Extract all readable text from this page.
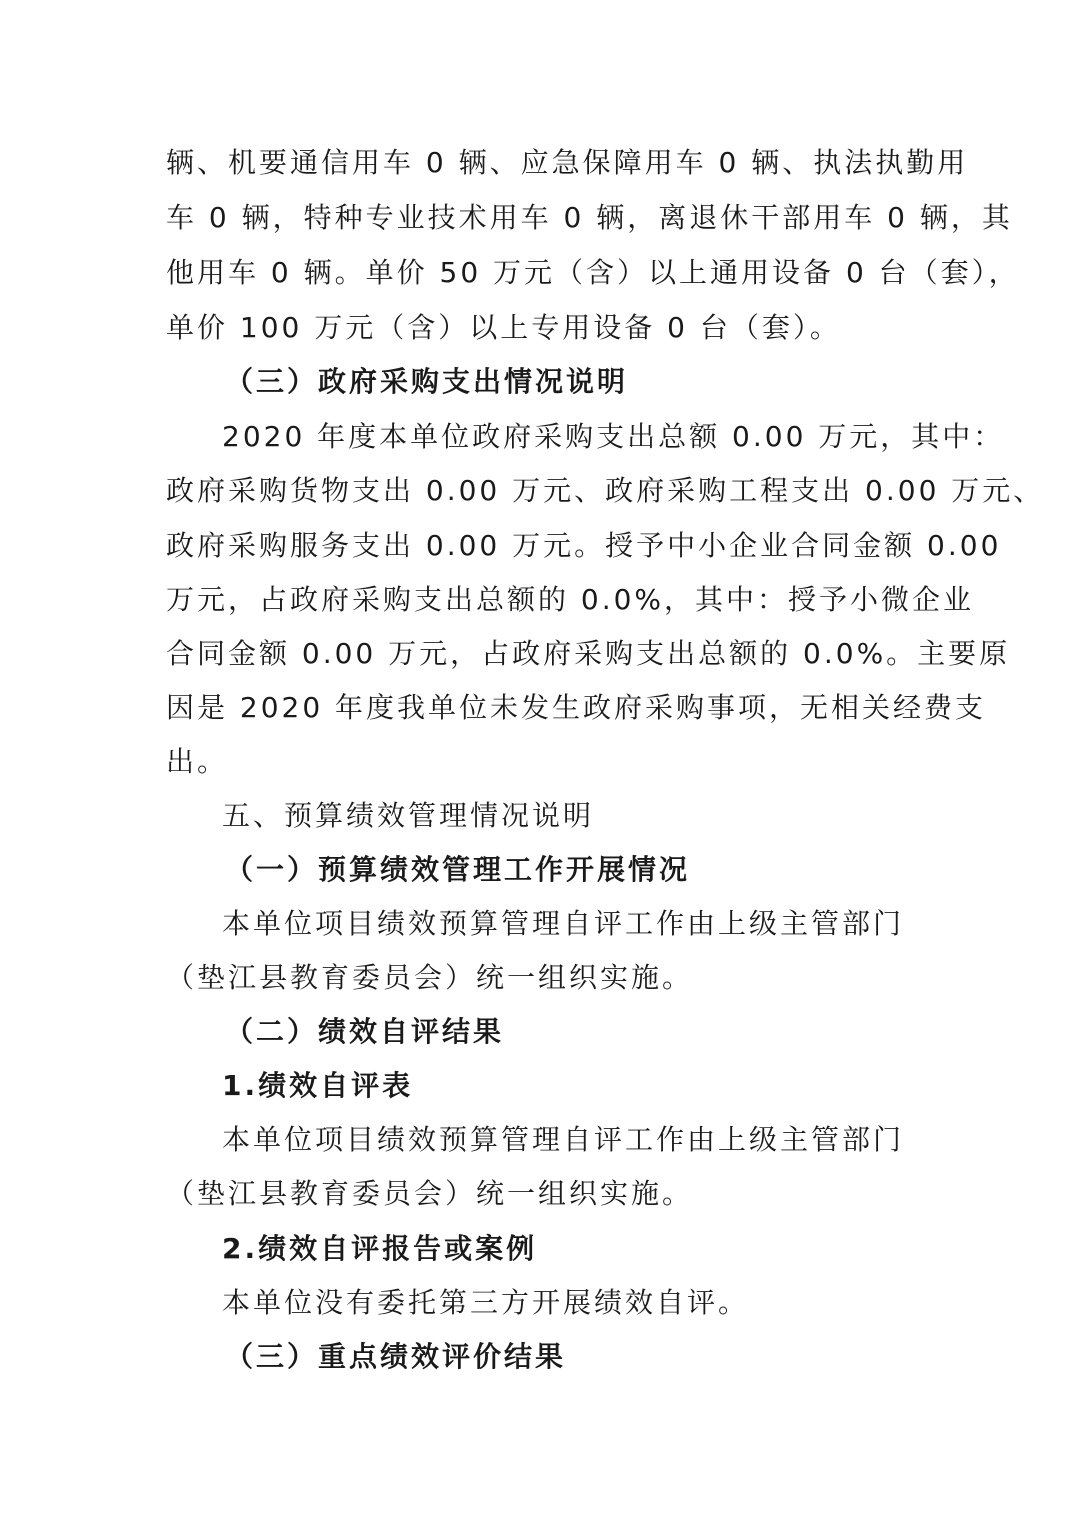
辆、机要通信用车 0 辆、应急保障用车 0 辆、执法执勤用
车 0 辆，特种专业技术用车 0 辆，离退休干部用车 0 辆，其
他用车 0 辆。单价 50 万元（含）以上通用设备 0 台（套），
单价 100 万元（含）以上专用设备 0 台（套）。
（三）政府采购支出情况说明
2020 年度本单位政府采购支出总额 0.00 万元，其中：
政府采购货物支出 0.00 万元、政府采购工程支出 0.00 万元、
政府采购服务支出 0.00 万元。授予中小企业合同金额 0.00
万元，占政府采购支出总额的 0.0%，其中：授予小微企业
合同金额 0.00 万元，占政府采购支出总额的 0.0%。主要原
因是 2020 年度我单位未发生政府采购事项，无相关经费支
出。
五、预算绩效管理情况说明
（一）预算绩效管理工作开展情况
本单位项目绩效预算管理自评工作由上级主管部门
（垫江县教育委员会）统一组织实施。
（二）绩效自评结果
1.绩效自评表
本单位项目绩效预算管理自评工作由上级主管部门
（垫江县教育委员会）统一组织实施。
2.绩效自评报告或案例
本单位没有委托第三方开展绩效自评。
（三）重点绩效评价结果
